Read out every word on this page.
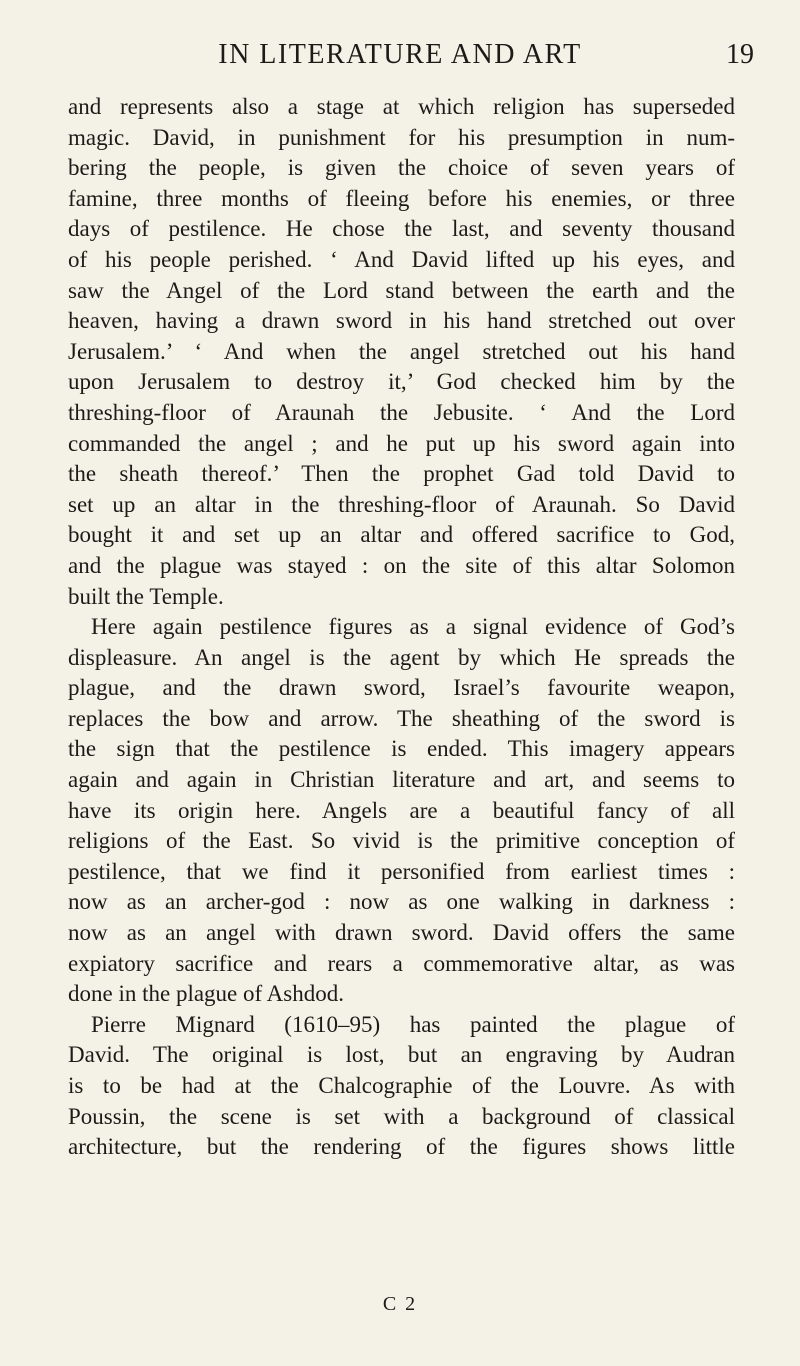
IN LITERATURE AND ART	19
and represents also a stage at which religion has superseded
magic. David, in punishment for his presumption in num-
bering the people, is given the choice of seven years of
famine, three months of fleeing before his enemies, or three
days of pestilence. He chose the last, and seventy thousand
of his people perished. ‘ And David lifted up his eyes, and
saw the Angel of the Lord stand between the earth and the
heaven, having a drawn sword in his hand stretched out over
Jerusalem.’ ‘ And when the angel stretched out his hand
upon Jerusalem to destroy it,’ God checked him by the
threshing-floor of Araunah the Jebusite. ‘ And the Lord
commanded the angel ; and he put up his sword again into
the sheath thereof.’ Then the prophet Gad told David to
set up an altar in the threshing-floor of Araunah. So David
bought it and set up an altar and offered sacrifice to God,
and the plague was stayed : on the site of this altar Solomon
built the Temple.
Here again pestilence figures as a signal evidence of God’s
displeasure. An angel is the agent by which He spreads the
plague, and the drawn sword, Israel’s favourite weapon,
replaces the bow and arrow. The sheathing of the sword is
the sign that the pestilence is ended. This imagery appears
again and again in Christian literature and art, and seems to
have its origin here. Angels are a beautiful fancy of all
religions of the East. So vivid is the primitive conception of
pestilence, that we find it personified from earliest times :
now as an archer-god : now as one walking in darkness :
now as an angel with drawn sword. David offers the same
expiatory sacrifice and rears a commemorative altar, as was
done in the plague of Ashdod.
Pierre Mignard (1610–95) has painted the plague of
David. The original is lost, but an engraving by Audran
is to be had at the Chalcographie of the Louvre. As with
Poussin, the scene is set with a background of classical
architecture, but the rendering of the figures shows little
C 2
